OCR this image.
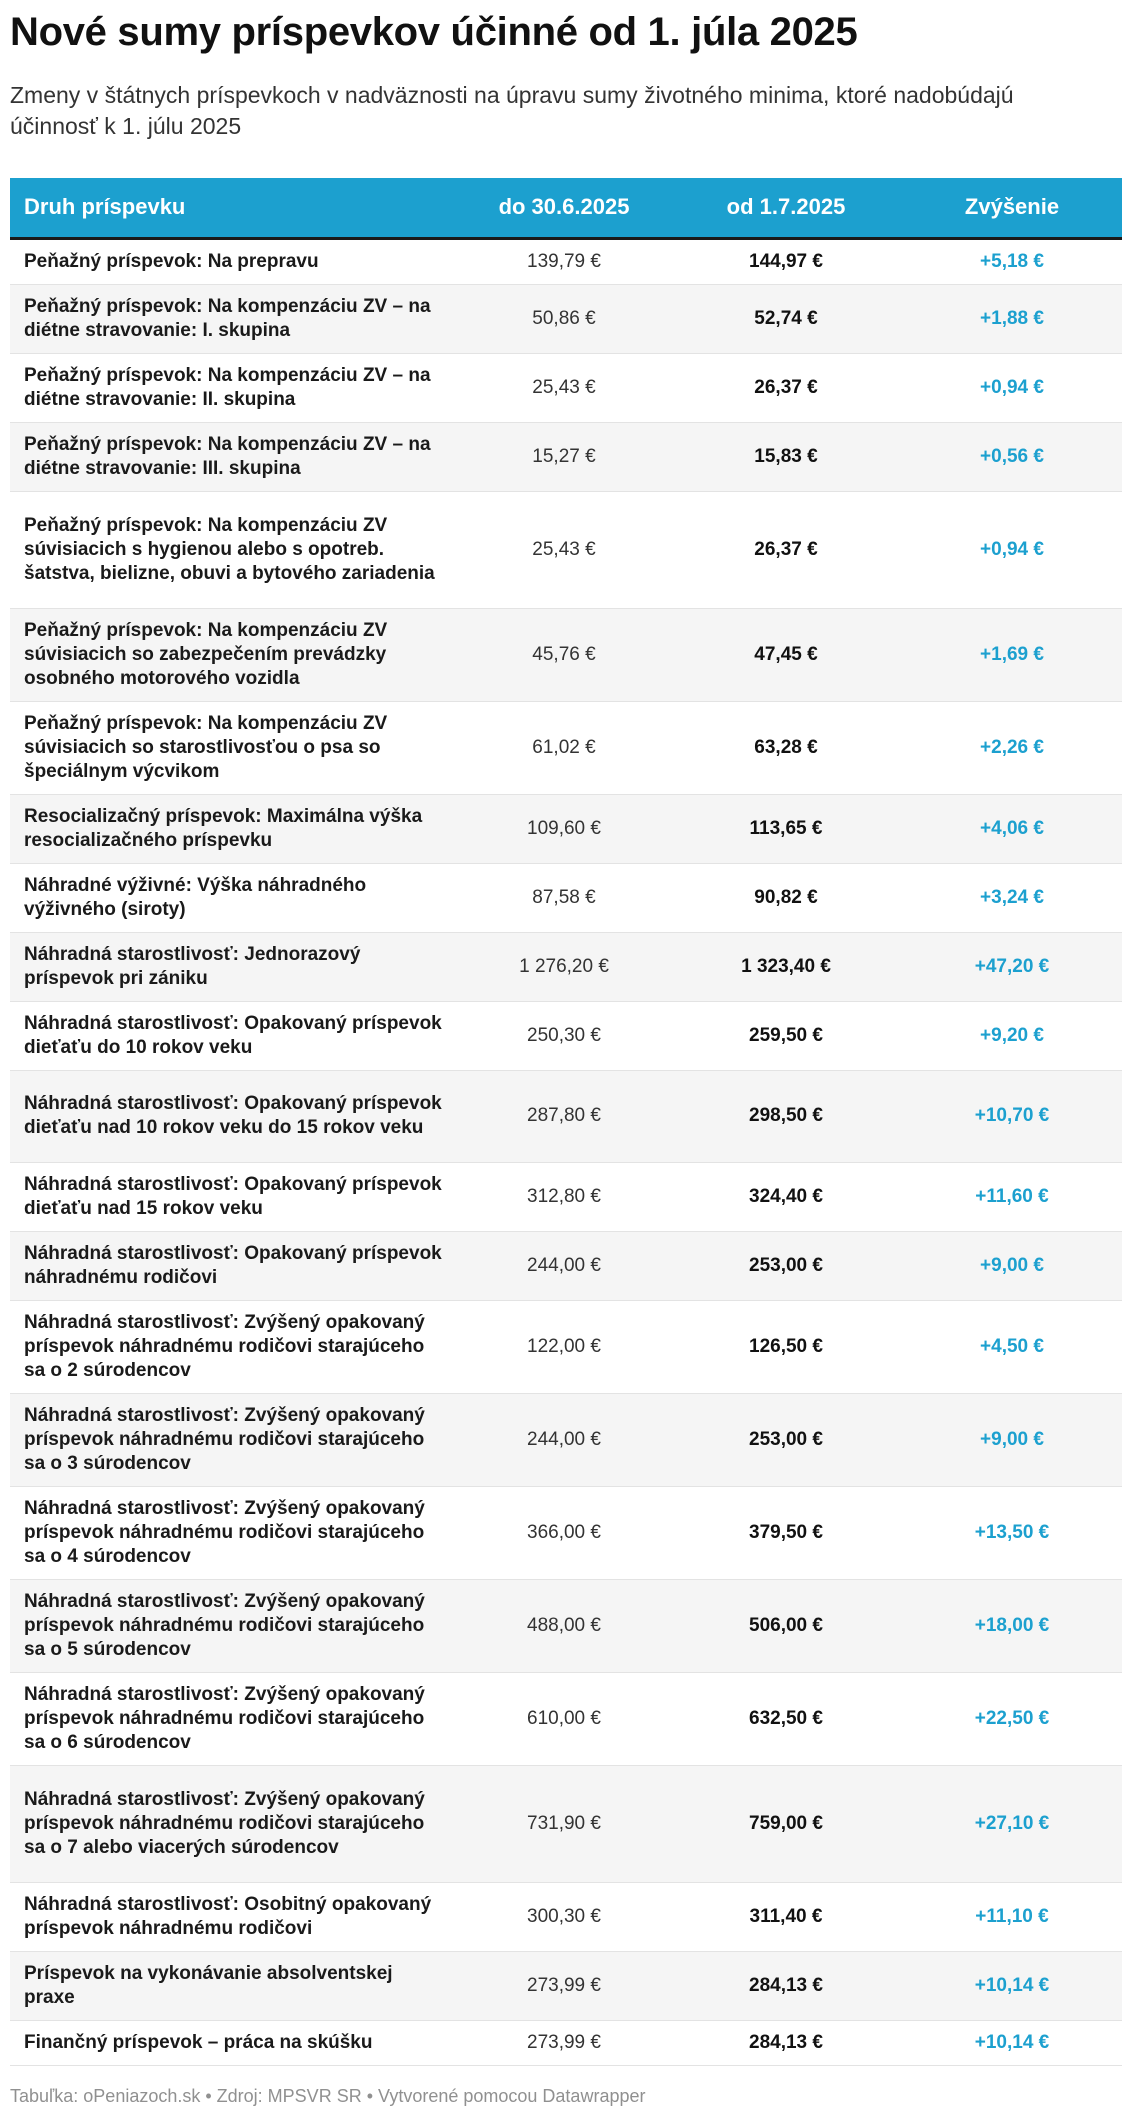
Nové sumy príspevkov účinné od 1. júla 2025

Zmeny v štátnych príspevkoch v nadväznosti na úpravu sumy životného minima, ktoré nadobúdajú účinnosť k 1. júlu 2025

Druh príspevku	do 30.6.2025	od 1.7.2025	Zvýšenie
Peňažný príspevok: Na prepravu	139,79 €	144,97 €	+5,18 €
Peňažný príspevok: Na kompenzáciu ZV – na diétne stravovanie: I. skupina	50,86 €	52,74 €	+1,88 €
Peňažný príspevok: Na kompenzáciu ZV – na diétne stravovanie: II. skupina	25,43 €	26,37 €	+0,94 €
Peňažný príspevok: Na kompenzáciu ZV – na diétne stravovanie: III. skupina	15,27 €	15,83 €	+0,56 €
Peňažný príspevok: Na kompenzáciu ZV súvisiacich s hygienou alebo s opotreb. šatstva, bielizne, obuvi a bytového zariadenia	25,43 €	26,37 €	+0,94 €
Peňažný príspevok: Na kompenzáciu ZV súvisiacich so zabezpečením prevádzky osobného motorového vozidla	45,76 €	47,45 €	+1,69 €
Peňažný príspevok: Na kompenzáciu ZV súvisiacich so starostlivosťou o psa so špeciálnym výcvikom	61,02 €	63,28 €	+2,26 €
Resocializačný príspevok: Maximálna výška resocializačného príspevku	109,60 €	113,65 €	+4,06 €
Náhradné výživné: Výška náhradného výživného (siroty)	87,58 €	90,82 €	+3,24 €
Náhradná starostlivosť: Jednorazový príspevok pri zániku	1 276,20 €	1 323,40 €	+47,20 €
Náhradná starostlivosť: Opakovaný príspevok dieťaťu do 10 rokov veku	250,30 €	259,50 €	+9,20 €
Náhradná starostlivosť: Opakovaný príspevok dieťaťu nad 10 rokov veku do 15 rokov veku	287,80 €	298,50 €	+10,70 €
Náhradná starostlivosť: Opakovaný príspevok dieťaťu nad 15 rokov veku	312,80 €	324,40 €	+11,60 €
Náhradná starostlivosť: Opakovaný príspevok náhradnému rodičovi	244,00 €	253,00 €	+9,00 €
Náhradná starostlivosť: Zvýšený opakovaný príspevok náhradnému rodičovi starajúceho sa o 2 súrodencov	122,00 €	126,50 €	+4,50 €
Náhradná starostlivosť: Zvýšený opakovaný príspevok náhradnému rodičovi starajúceho sa o 3 súrodencov	244,00 €	253,00 €	+9,00 €
Náhradná starostlivosť: Zvýšený opakovaný príspevok náhradnému rodičovi starajúceho sa o 4 súrodencov	366,00 €	379,50 €	+13,50 €
Náhradná starostlivosť: Zvýšený opakovaný príspevok náhradnému rodičovi starajúceho sa o 5 súrodencov	488,00 €	506,00 €	+18,00 €
Náhradná starostlivosť: Zvýšený opakovaný príspevok náhradnému rodičovi starajúceho sa o 6 súrodencov	610,00 €	632,50 €	+22,50 €
Náhradná starostlivosť: Zvýšený opakovaný príspevok náhradnému rodičovi starajúceho sa o 7 alebo viacerých súrodencov	731,90 €	759,00 €	+27,10 €
Náhradná starostlivosť: Osobitný opakovaný príspevok náhradnému rodičovi	300,30 €	311,40 €	+11,10 €
Príspevok na vykonávanie absolventskej praxe	273,99 €	284,13 €	+10,14 €
Finančný príspevok – práca na skúšku	273,99 €	284,13 €	+10,14 €
Tabuľka: oPeniazoch.sk • Zdroj: MPSVR SR • Vytvorené pomocou Datawrapper
